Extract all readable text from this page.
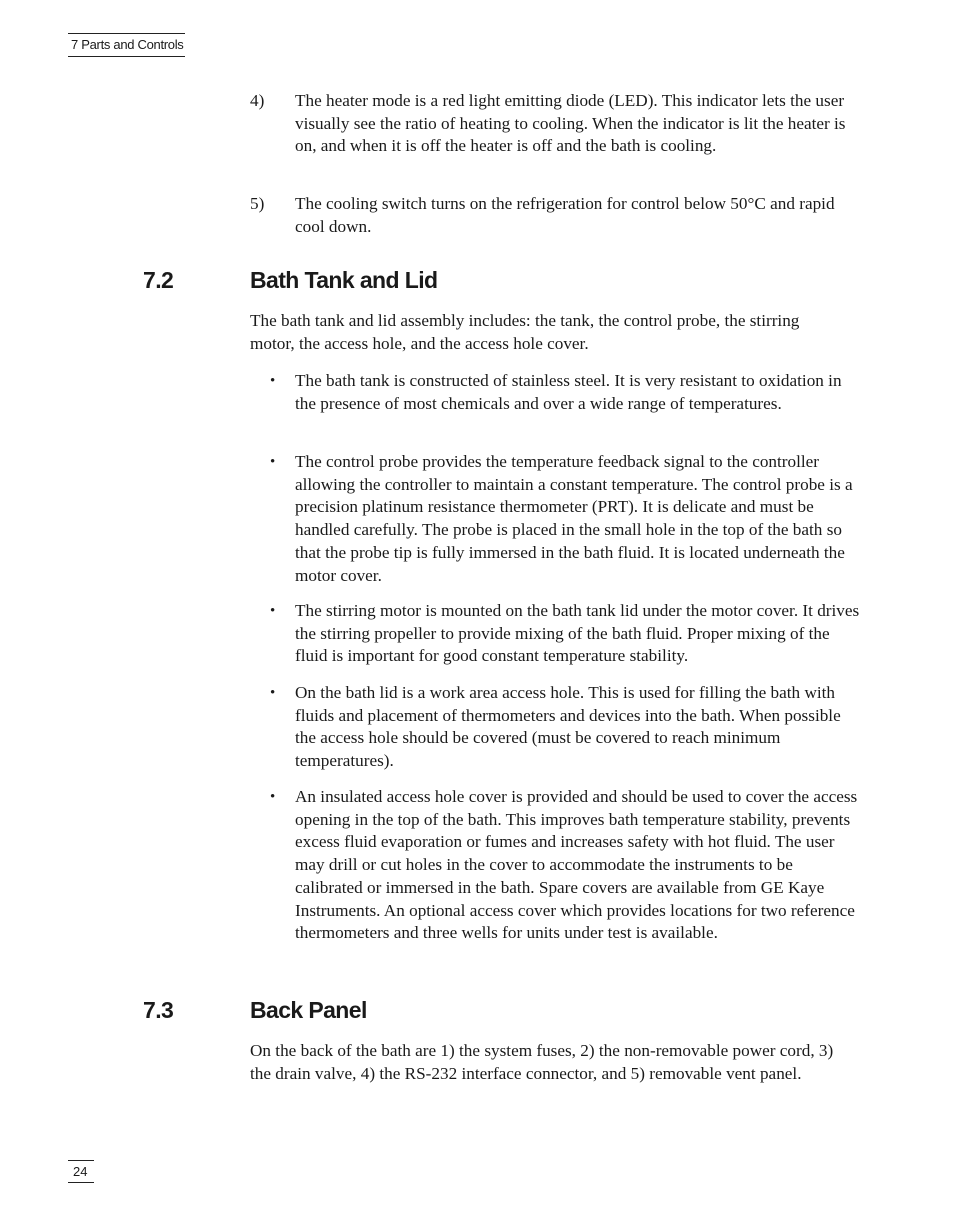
7 Parts and Controls
4) The heater mode is a red light emitting diode (LED). This indicator lets the user visually see the ratio of heating to cooling. When the indicator is lit the heater is on, and when it is off the heater is off and the bath is cooling.
5) The cooling switch turns on the refrigeration for control below 50°C and rapid cool down.
7.2	Bath Tank and Lid
The bath tank and lid assembly includes: the tank, the control probe, the stirring motor, the access hole, and the access hole cover.
• The bath tank is constructed of stainless steel. It is very resistant to oxidation in the presence of most chemicals and over a wide range of temperatures.
• The control probe provides the temperature feedback signal to the controller allowing the controller to maintain a constant temperature. The control probe is a precision platinum resistance thermometer (PRT). It is delicate and must be handled carefully. The probe is placed in the small hole in the top of the bath so that the probe tip is fully immersed in the bath fluid. It is located underneath the motor cover.
• The stirring motor is mounted on the bath tank lid under the motor cover. It drives the stirring propeller to provide mixing of the bath fluid. Proper mixing of the fluid is important for good constant temperature stability.
• On the bath lid is a work area access hole. This is used for filling the bath with fluids and placement of thermometers and devices into the bath. When possible the access hole should be covered (must be covered to reach minimum temperatures).
• An insulated access hole cover is provided and should be used to cover the access opening in the top of the bath. This improves bath temperature stability, prevents excess fluid evaporation or fumes and increases safety with hot fluid. The user may drill or cut holes in the cover to accommodate the instruments to be calibrated or immersed in the bath. Spare covers are available from GE Kaye Instruments. An optional access cover which provides locations for two reference thermometers and three wells for units under test is available.
7.3	Back Panel
On the back of the bath are 1) the system fuses, 2) the non-removable power cord, 3) the drain valve, 4) the RS-232 interface connector, and 5) removable vent panel.
24
